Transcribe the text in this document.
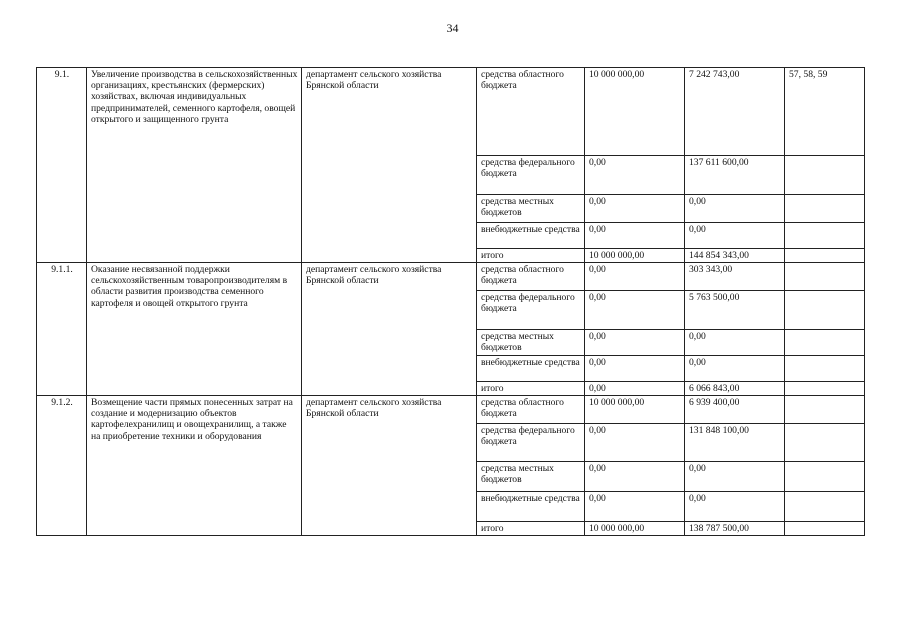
34
9.1.	Увеличение производства в сельскохозяйственных организациях, крестьянских (фермерских) хозяйствах, включая индивидуальных предпринимателей, семенного картофеля, овощей открытого и защищенного грунта	департамент сельского хозяйства Брянской области	средства областного бюджета	10 000 000,00	7 242 743,00	57, 58, 59
			средства федерального бюджета	0,00	137 611 600,00	
			средства местных бюджетов	0,00	0,00	
			внебюджетные средства	0,00	0,00	
			итого	10 000 000,00	144 854 343,00	
9.1.1.	Оказание несвязанной поддержки сельскохозяйственным товаропроизводителям в области развития производства семенного картофеля и овощей открытого грунта	департамент сельского хозяйства Брянской области	средства областного бюджета	0,00	303 343,00	
			средства федерального бюджета	0,00	5 763 500,00	
			средства местных бюджетов	0,00	0,00	
			внебюджетные средства	0,00	0,00	
			итого	0,00	6 066 843,00	
9.1.2.	Возмещение части прямых понесенных затрат на создание и модернизацию объектов картофелехранилищ и овощехранилищ, а также на приобретение техники и оборудования	департамент сельского хозяйства Брянской области	средства областного бюджета	10 000 000,00	6 939 400,00	
			средства федерального бюджета	0,00	131 848 100,00	
			средства местных бюджетов	0,00	0,00	
			внебюджетные средства	0,00	0,00	
			итого	10 000 000,00	138 787 500,00	
